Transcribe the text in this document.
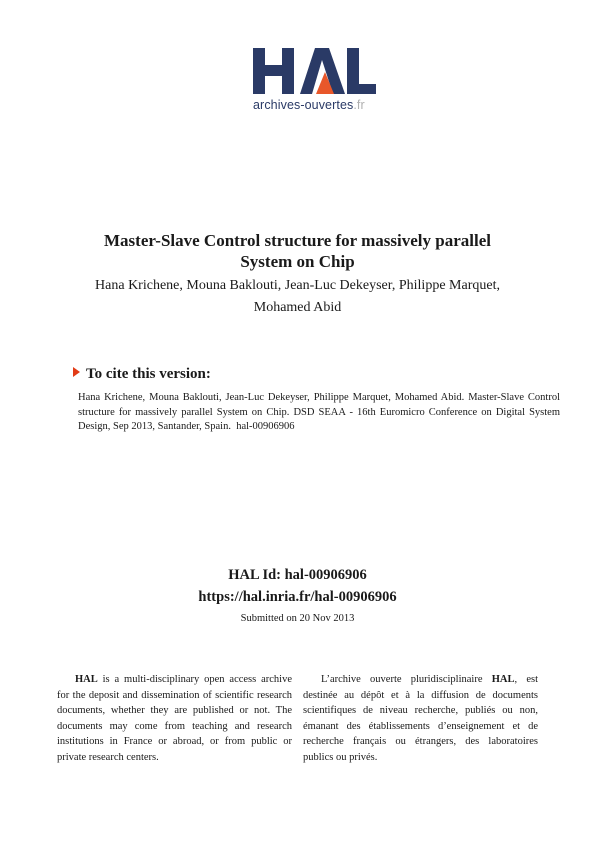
archives-ouvertes.fr
Master-Slave Control structure for massively parallel
System on Chip
Hana Krichene, Mouna Baklouti, Jean-Luc Dekeyser, Philippe Marquet,
Mohamed Abid
To cite this version:
Hana Krichene, Mouna Baklouti, Jean-Luc Dekeyser, Philippe Marquet, Mohamed Abid. Master-Slave Control structure for massively parallel System on Chip. DSD SEAA - 16th Euromicro Conference on Digital System Design, Sep 2013, Santander, Spain.  hal-00906906
HAL Id: hal-00906906
https://hal.inria.fr/hal-00906906
Submitted on 20 Nov 2013
HAL is a multi-disciplinary open access archive for the deposit and dissemination of scientific research documents, whether they are published or not. The documents may come from teaching and research institutions in France or abroad, or from public or private research centers.
L’archive ouverte pluridisciplinaire HAL, est destinée au dépôt et à la diffusion de documents scientifiques de niveau recherche, publiés ou non, émanant des établissements d’enseignement et de recherche français ou étrangers, des laboratoires publics ou privés.
